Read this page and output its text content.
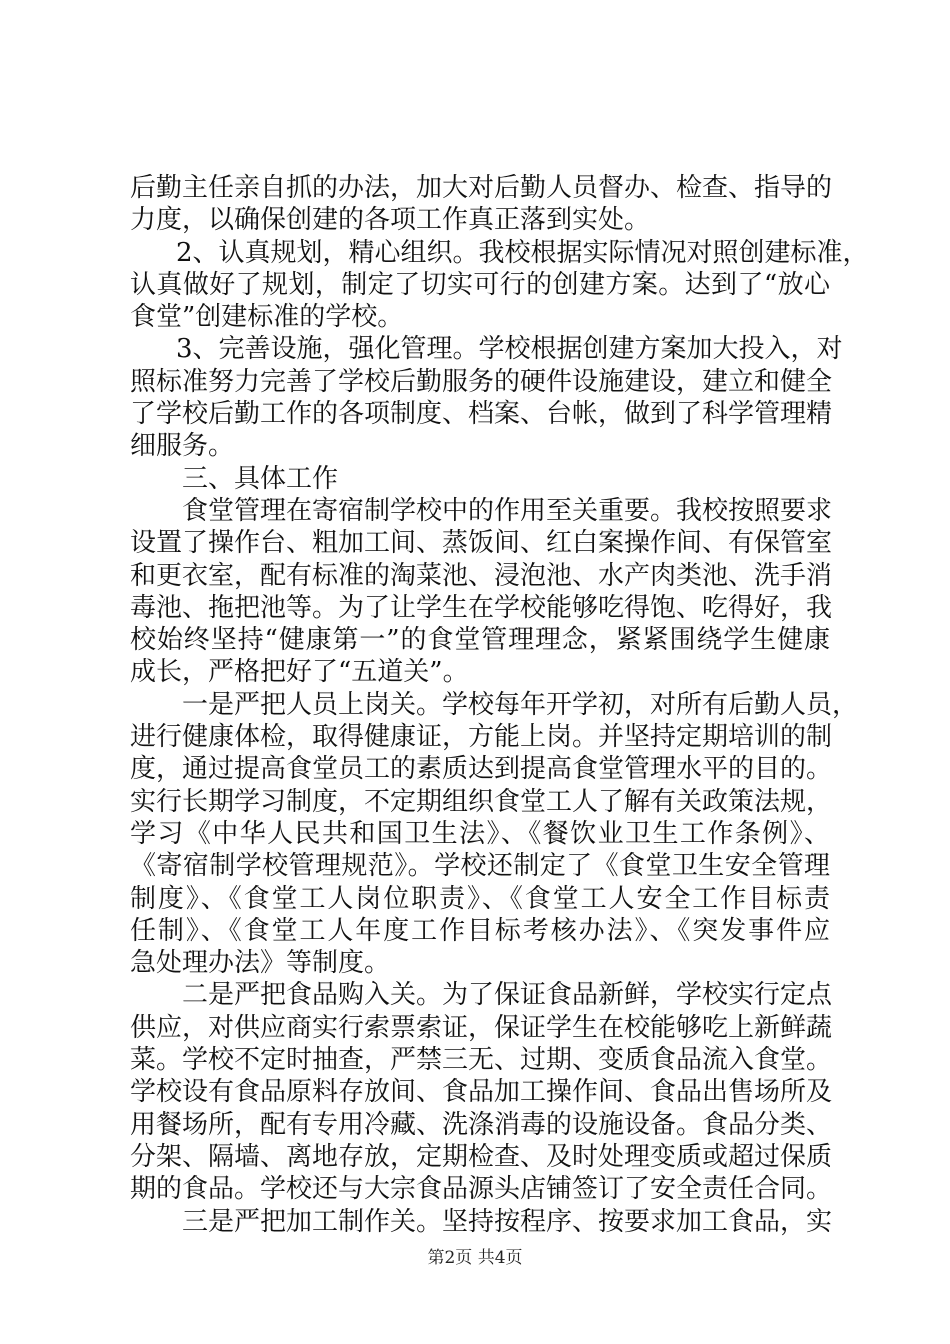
后勤主任亲自抓的办法，加大对后勤人员督办、检查、指导的
力度，以确保创建的各项工作真正落到实处。
2、认真规划，精心组织。我校根据实际情况对照创建标准，
认真做好了规划，制定了切实可行的创建方案。达到了“放心
食堂”创建标准的学校。
3、完善设施，强化管理。学校根据创建方案加大投入，对
照标准努力完善了学校后勤服务的硬件设施建设，建立和健全
了学校后勤工作的各项制度、档案、台帐，做到了科学管理精
细服务。
三、具体工作
食堂管理在寄宿制学校中的作用至关重要。我校按照要求
设置了操作台、粗加工间、蒸饭间、红白案操作间、有保管室
和更衣室，配有标准的淘菜池、浸泡池、水产肉类池、洗手消
毒池、拖把池等。为了让学生在学校能够吃得饱、吃得好，我
校始终坚持“健康第一”的食堂管理理念，紧紧围绕学生健康
成长，严格把好了“五道关”。
一是严把人员上岗关。学校每年开学初，对所有后勤人员，
进行健康体检，取得健康证，方能上岗。并坚持定期培训的制
度，通过提高食堂员工的素质达到提高食堂管理水平的目的。
实行长期学习制度，不定期组织食堂工人了解有关政策法规，
学习《中华人民共和国卫生法》、《餐饮业卫生工作条例》、
《寄宿制学校管理规范》。学校还制定了《食堂卫生安全管理
制度》、《食堂工人岗位职责》、《食堂工人安全工作目标责
任制》、《食堂工人年度工作目标考核办法》、《突发事件应
急处理办法》等制度。
二是严把食品购入关。为了保证食品新鲜，学校实行定点
供应，对供应商实行索票索证，保证学生在校能够吃上新鲜蔬
菜。学校不定时抽查，严禁三无、过期、变质食品流入食堂。
学校设有食品原料存放间、食品加工操作间、食品出售场所及
用餐场所，配有专用冷藏、洗涤消毒的设施设备。食品分类、
分架、隔墙、离地存放，定期检查、及时处理变质或超过保质
期的食品。学校还与大宗食品源头店铺签订了安全责任合同。
三是严把加工制作关。坚持按程序、按要求加工食品，实
第2页 共4页
